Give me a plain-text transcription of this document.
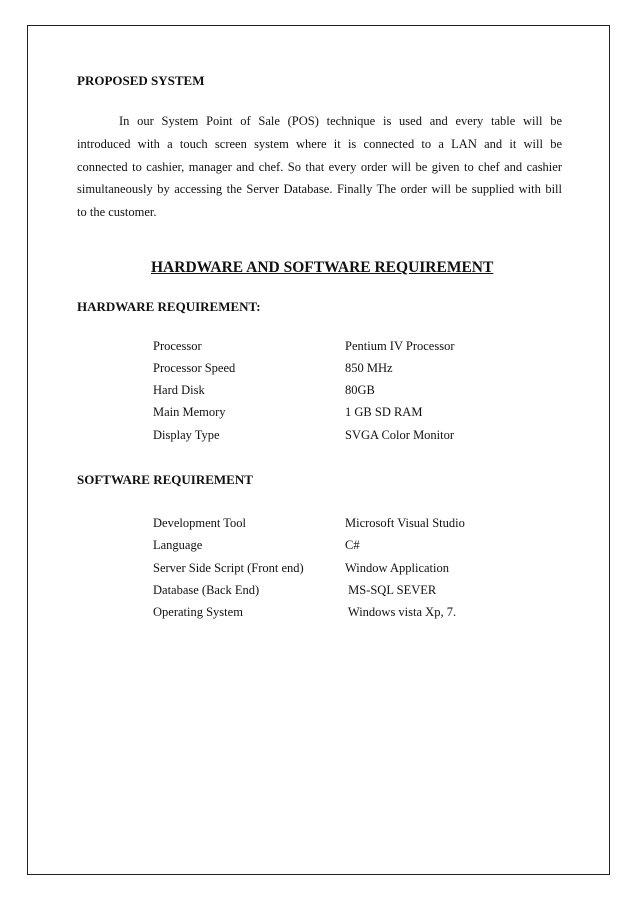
PROPOSED SYSTEM
In our System Point of Sale (POS) technique is used and every table will be
introduced with a touch screen system where it is connected to a LAN and it will be
connected to cashier, manager and chef. So that every order will be given to chef and cashier
simultaneously by accessing the Server Database. Finally The order will be supplied with bill
to the customer.
HARDWARE AND SOFTWARE REQUIREMENT
HARDWARE REQUIREMENT:
Processor	Pentium IV Processor
Processor Speed	850 MHz
Hard Disk	80GB
Main Memory	1 GB SD RAM
Display Type	SVGA Color Monitor
SOFTWARE REQUIREMENT
Development Tool	Microsoft Visual Studio
Language	C#
Server Side Script (Front end)	Window Application
Database (Back End)	MS-SQL SEVER
Operating System	Windows vista Xp, 7.
